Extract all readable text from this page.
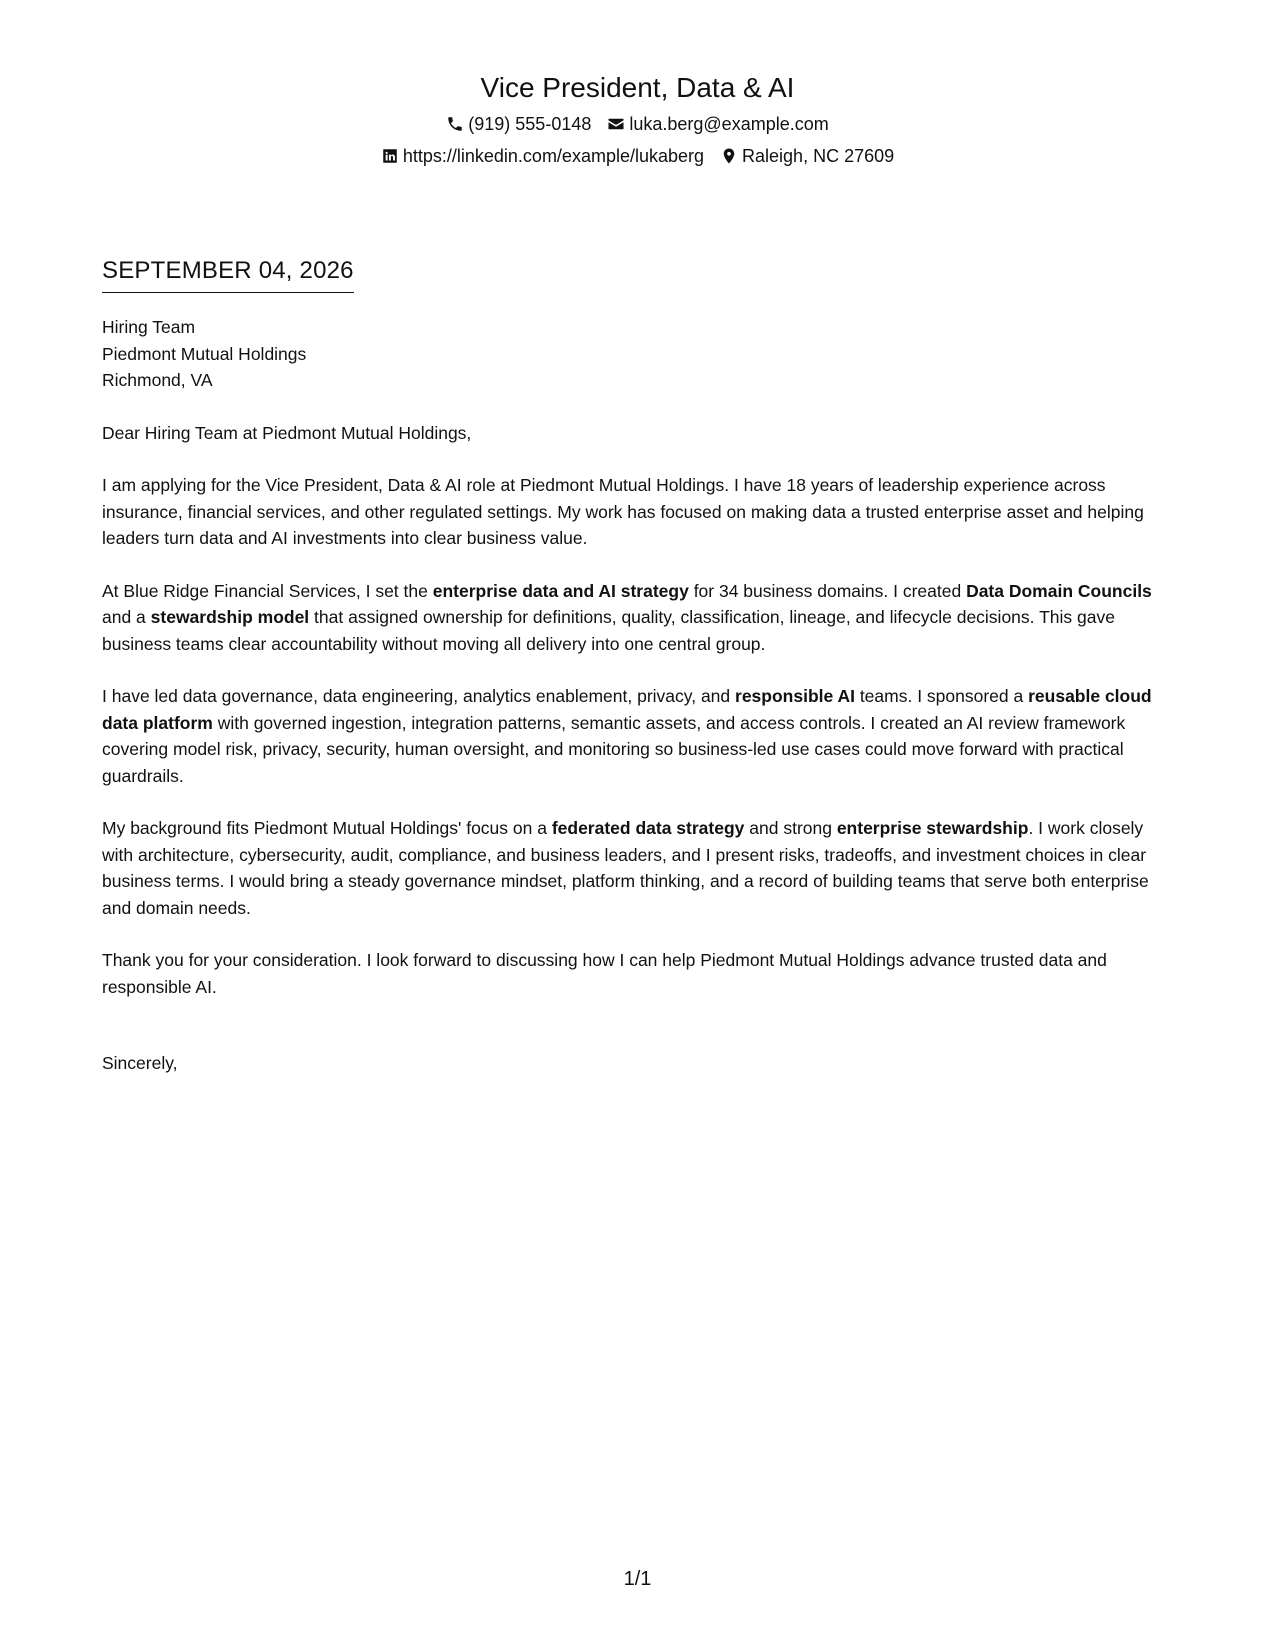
Vice President, Data & AI
(919) 555-0148 luka.berg@example.com
https://linkedin.com/example/lukaberg Raleigh, NC 27609
SEPTEMBER 04, 2026

Hiring Team

Piedmont Mutual Holdings

Richmond, VA

Dear Hiring Team at Piedmont Mutual Holdings,

I am applying for the Vice President, Data & AI role at Piedmont Mutual Holdings. I have 18 years of leadership experience across insurance, financial services, and other regulated settings. My work has focused on making data a trusted enterprise asset and helping leaders turn data and AI investments into clear business value.

At Blue Ridge Financial Services, I set the enterprise data and AI strategy for 34 business domains. I created Data Domain Councils and a stewardship model that assigned ownership for definitions, quality, classification, lineage, and lifecycle decisions. This gave business teams clear accountability without moving all delivery into one central group.

I have led data governance, data engineering, analytics enablement, privacy, and responsible AI teams. I sponsored a reusable cloud data platform with governed ingestion, integration patterns, semantic assets, and access controls. I created an AI review framework covering model risk, privacy, security, human oversight, and monitoring so business-led use cases could move forward with practical guardrails.

My background fits Piedmont Mutual Holdings' focus on a federated data strategy and strong enterprise stewardship. I work closely with architecture, cybersecurity, audit, compliance, and business leaders, and I present risks, tradeoffs, and investment choices in clear business terms. I would bring a steady governance mindset, platform thinking, and a record of building teams that serve both enterprise and domain needs.

Thank you for your consideration. I look forward to discussing how I can help Piedmont Mutual Holdings advance trusted data and responsible AI.

Sincerely,

1/1
